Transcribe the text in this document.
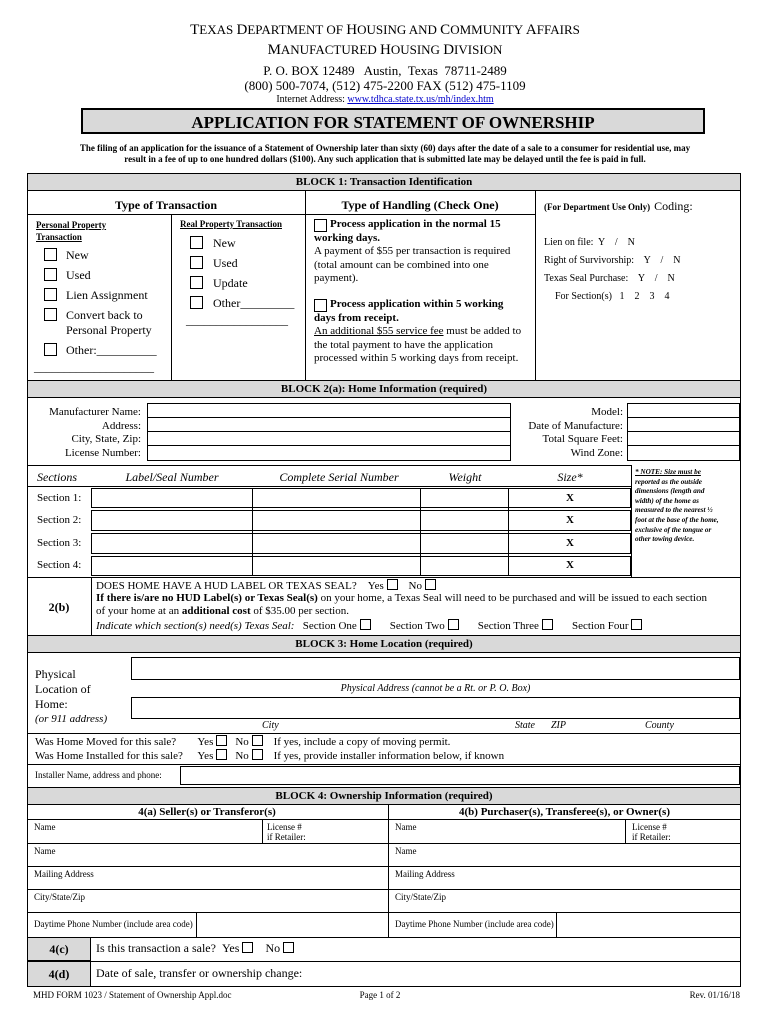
TEXAS DEPARTMENT OF HOUSING AND COMMUNITY AFFAIRS
MANUFACTURED HOUSING DIVISION
P. O. BOX 12489   Austin,  Texas  78711-2489
(800) 500-7074, (512) 475-2200 FAX (512) 475-1109
Internet Address: www.tdhca.state.tx.us/mh/index.htm
APPLICATION FOR STATEMENT OF OWNERSHIP
The filing of an application for the issuance of a Statement of Ownership later than sixty (60) days after the date of a sale to a consumer for residential use, may
result in a fee of up to one hundred dollars ($100). Any such application that is submitted late may be delayed until the fee is paid in full.
BLOCK 1: Transaction Identification
Type of Transaction	Type of Handling (Check One)
Personal Property
Transaction
New
Used
Lien Assignment
Convert back to
Personal Property
Other:__________
____________________
Real Property Transaction
New
Used
Update
Other_________
_________________
Process application in the normal 15
working days.
A payment of $55 per transaction is required
(total amount can be combined into one
payment).
Process application within 5 working
days from receipt.
An additional $55 service fee must be added to
the total payment to have the application
processed within 5 working days from receipt.
(For Department Use Only) Coding:
Lien on file:  Y    /    N
Right of Survivorship:    Y    /    N
Texas Seal Purchase:    Y    /    N
For Section(s)   1    2    3    4
BLOCK 2(a): Home Information (required)
Manufacturer Name:
Address:
City, State, Zip:
License Number:
Model:
Date of Manufacture:
Total Square Feet:
Wind Zone:
Sections	Label/Seal Number	Complete Serial Number	Weight	Size*	* NOTE: Size must be
reported as the outside
dimensions (length and
width) of the home as
measured to the nearest ½
foot at the base of the home,
exclusive of the tongue or
other towing device.
Section 1:	X
Section 2:	X
Section 3:	X
Section 4:	X
2(b)
DOES HOME HAVE A HUD LABEL OR TEXAS SEAL? Yes No
If there is/are no HUD Label(s) or Texas Seal(s) on your home, a Texas Seal will need to be purchased and will be issued to each section
of your home at an additional cost of $35.00 per section.
Indicate which section(s) need(s) Texas Seal: Section One	Section Two	Section Three	Section Four
BLOCK 3: Home Location (required)
Physical
Location of
Home:
(or 911 address)
Physical Address (cannot be a Rt. or P. O. Box)
City	State ZIP	County
Was Home Moved for this sale? Yes No If yes, include a copy of moving permit.
Was Home Installed for this sale? Yes No If yes, provide installer information below, if known
Installer Name, address and phone:
BLOCK 4: Ownership Information (required)
4(a) Seller(s) or Transferor(s)	4(b) Purchaser(s), Transferee(s), or Owner(s)
Name	License #
if Retailer:
Name
Mailing Address
City/State/Zip
Daytime Phone Number (include area code)
Name	License #
if Retailer:
Name
Mailing Address
City/State/Zip
Daytime Phone Number (include area code)
4(c)	Is this transaction a sale? Yes No
4(d)	Date of sale, transfer or ownership change:
MHD FORM 1023 / Statement of Ownership Appl.doc	Page 1 of 2	Rev. 01/16/18
